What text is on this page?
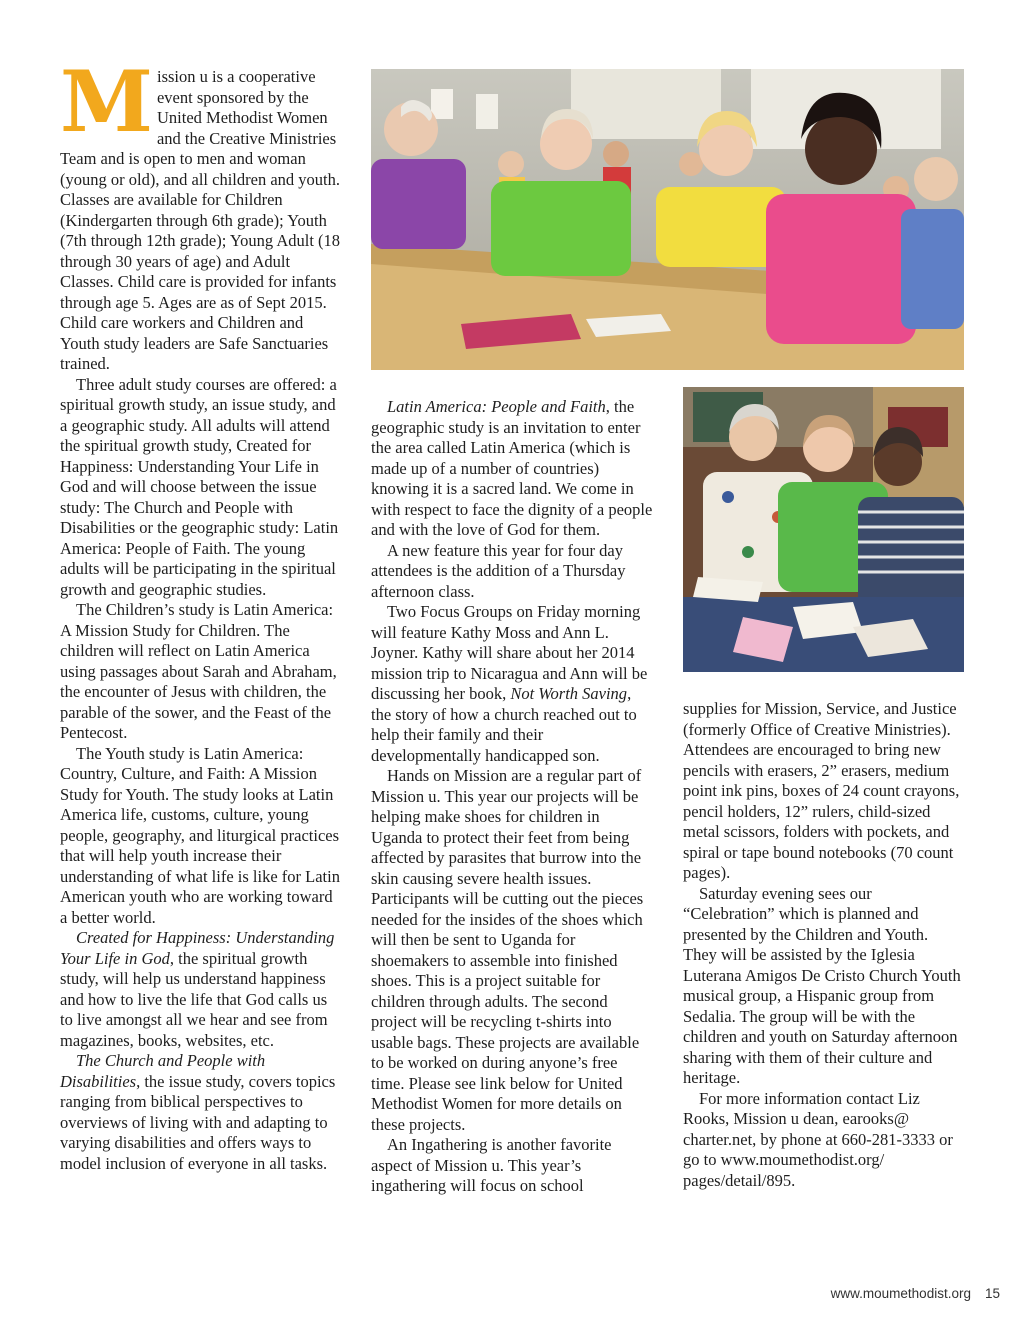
Mission u is a cooperative event sponsored by the United Methodist Women and the Creative Ministries Team and is open to men and woman (young or old), and all children and youth. Classes are available for Children (Kindergarten through 6th grade); Youth (7th through 12th grade); Young Adult (18 through 30 years of age) and Adult Classes. Child care is provided for infants through age 5. Ages are as of Sept 2015. Child care workers and Children and Youth study leaders are Safe Sanctuaries trained.

Three adult study courses are offered: a spiritual growth study, an issue study, and a geographic study. All adults will attend the spiritual growth study, Created for Happiness: Understanding Your Life in God and will choose between the issue study: The Church and People with Disabilities or the geographic study: Latin America: People of Faith. The young adults will be participating in the spiritual growth and geographic studies.

The Children’s study is Latin America: A Mission Study for Children. The children will reflect on Latin America using passages about Sarah and Abraham, the encounter of Jesus with children, the parable of the sower, and the Feast of the Pentecost.

The Youth study is Latin America: Country, Culture, and Faith: A Mission Study for Youth. The study looks at Latin America life, customs, culture, young people, geography, and liturgical practices that will help youth increase their understanding of what life is like for Latin American youth who are working toward a better world.

Created for Happiness: Understanding Your Life in God, the spiritual growth study, will help us understand happiness and how to live the life that God calls us to live amongst all we hear and see from magazines, books, websites, etc.

The Church and People with Disabilities, the issue study, covers topics ranging from biblical perspectives to overviews of living with and adapting to varying disabilities and offers ways to model inclusion of everyone in all tasks.

Latin America: People and Faith, the geographic study is an invitation to enter the area called Latin America (which is made up of a number of countries) knowing it is a sacred land. We come in with respect to face the dignity of a people and with the love of God for them.

A new feature this year for four day attendees is the addition of a Thursday afternoon class.

Two Focus Groups on Friday morning will feature Kathy Moss and Ann L. Joyner. Kathy will share about her 2014 mission trip to Nicaragua and Ann will be discussing her book, Not Worth Saving, the story of how a church reached out to help their family and their developmentally handicapped son.

Hands on Mission are a regular part of Mission u. This year our projects will be helping make shoes for children in Uganda to protect their feet from being affected by parasites that burrow into the skin causing severe health issues. Participants will be cutting out the pieces needed for the insides of the shoes which will then be sent to Uganda for shoemakers to assemble into finished shoes. This is a project suitable for children through adults. The second project will be recycling t-shirts into usable bags. These projects are available to be worked on during anyone’s free time. Please see link below for United Methodist Women for more details on these projects.

An Ingathering is another favorite aspect of Mission u. This year’s ingathering will focus on school

supplies for Mission, Service, and Justice (formerly Office of Creative Ministries). Attendees are encouraged to bring new pencils with erasers, 2” erasers, medium point ink pins, boxes of 24 count crayons, pencil holders, 12” rulers, child-sized metal scissors, folders with pockets, and spiral or tape bound notebooks (70 count pages).

Saturday evening sees our “Celebration” which is planned and presented by the Children and Youth. They will be assisted by the Iglesia Luterana Amigos De Cristo Church Youth musical group, a Hispanic group from Sedalia. The group will be with the children and youth on Saturday afternoon sharing with them of their culture and heritage.

For more information contact Liz Rooks, Mission u dean, earooks@ charter.net, by phone at 660-281-3333 or go to www.moumethodist.org/ pages/detail/895.

www.moumethodist.org 15
